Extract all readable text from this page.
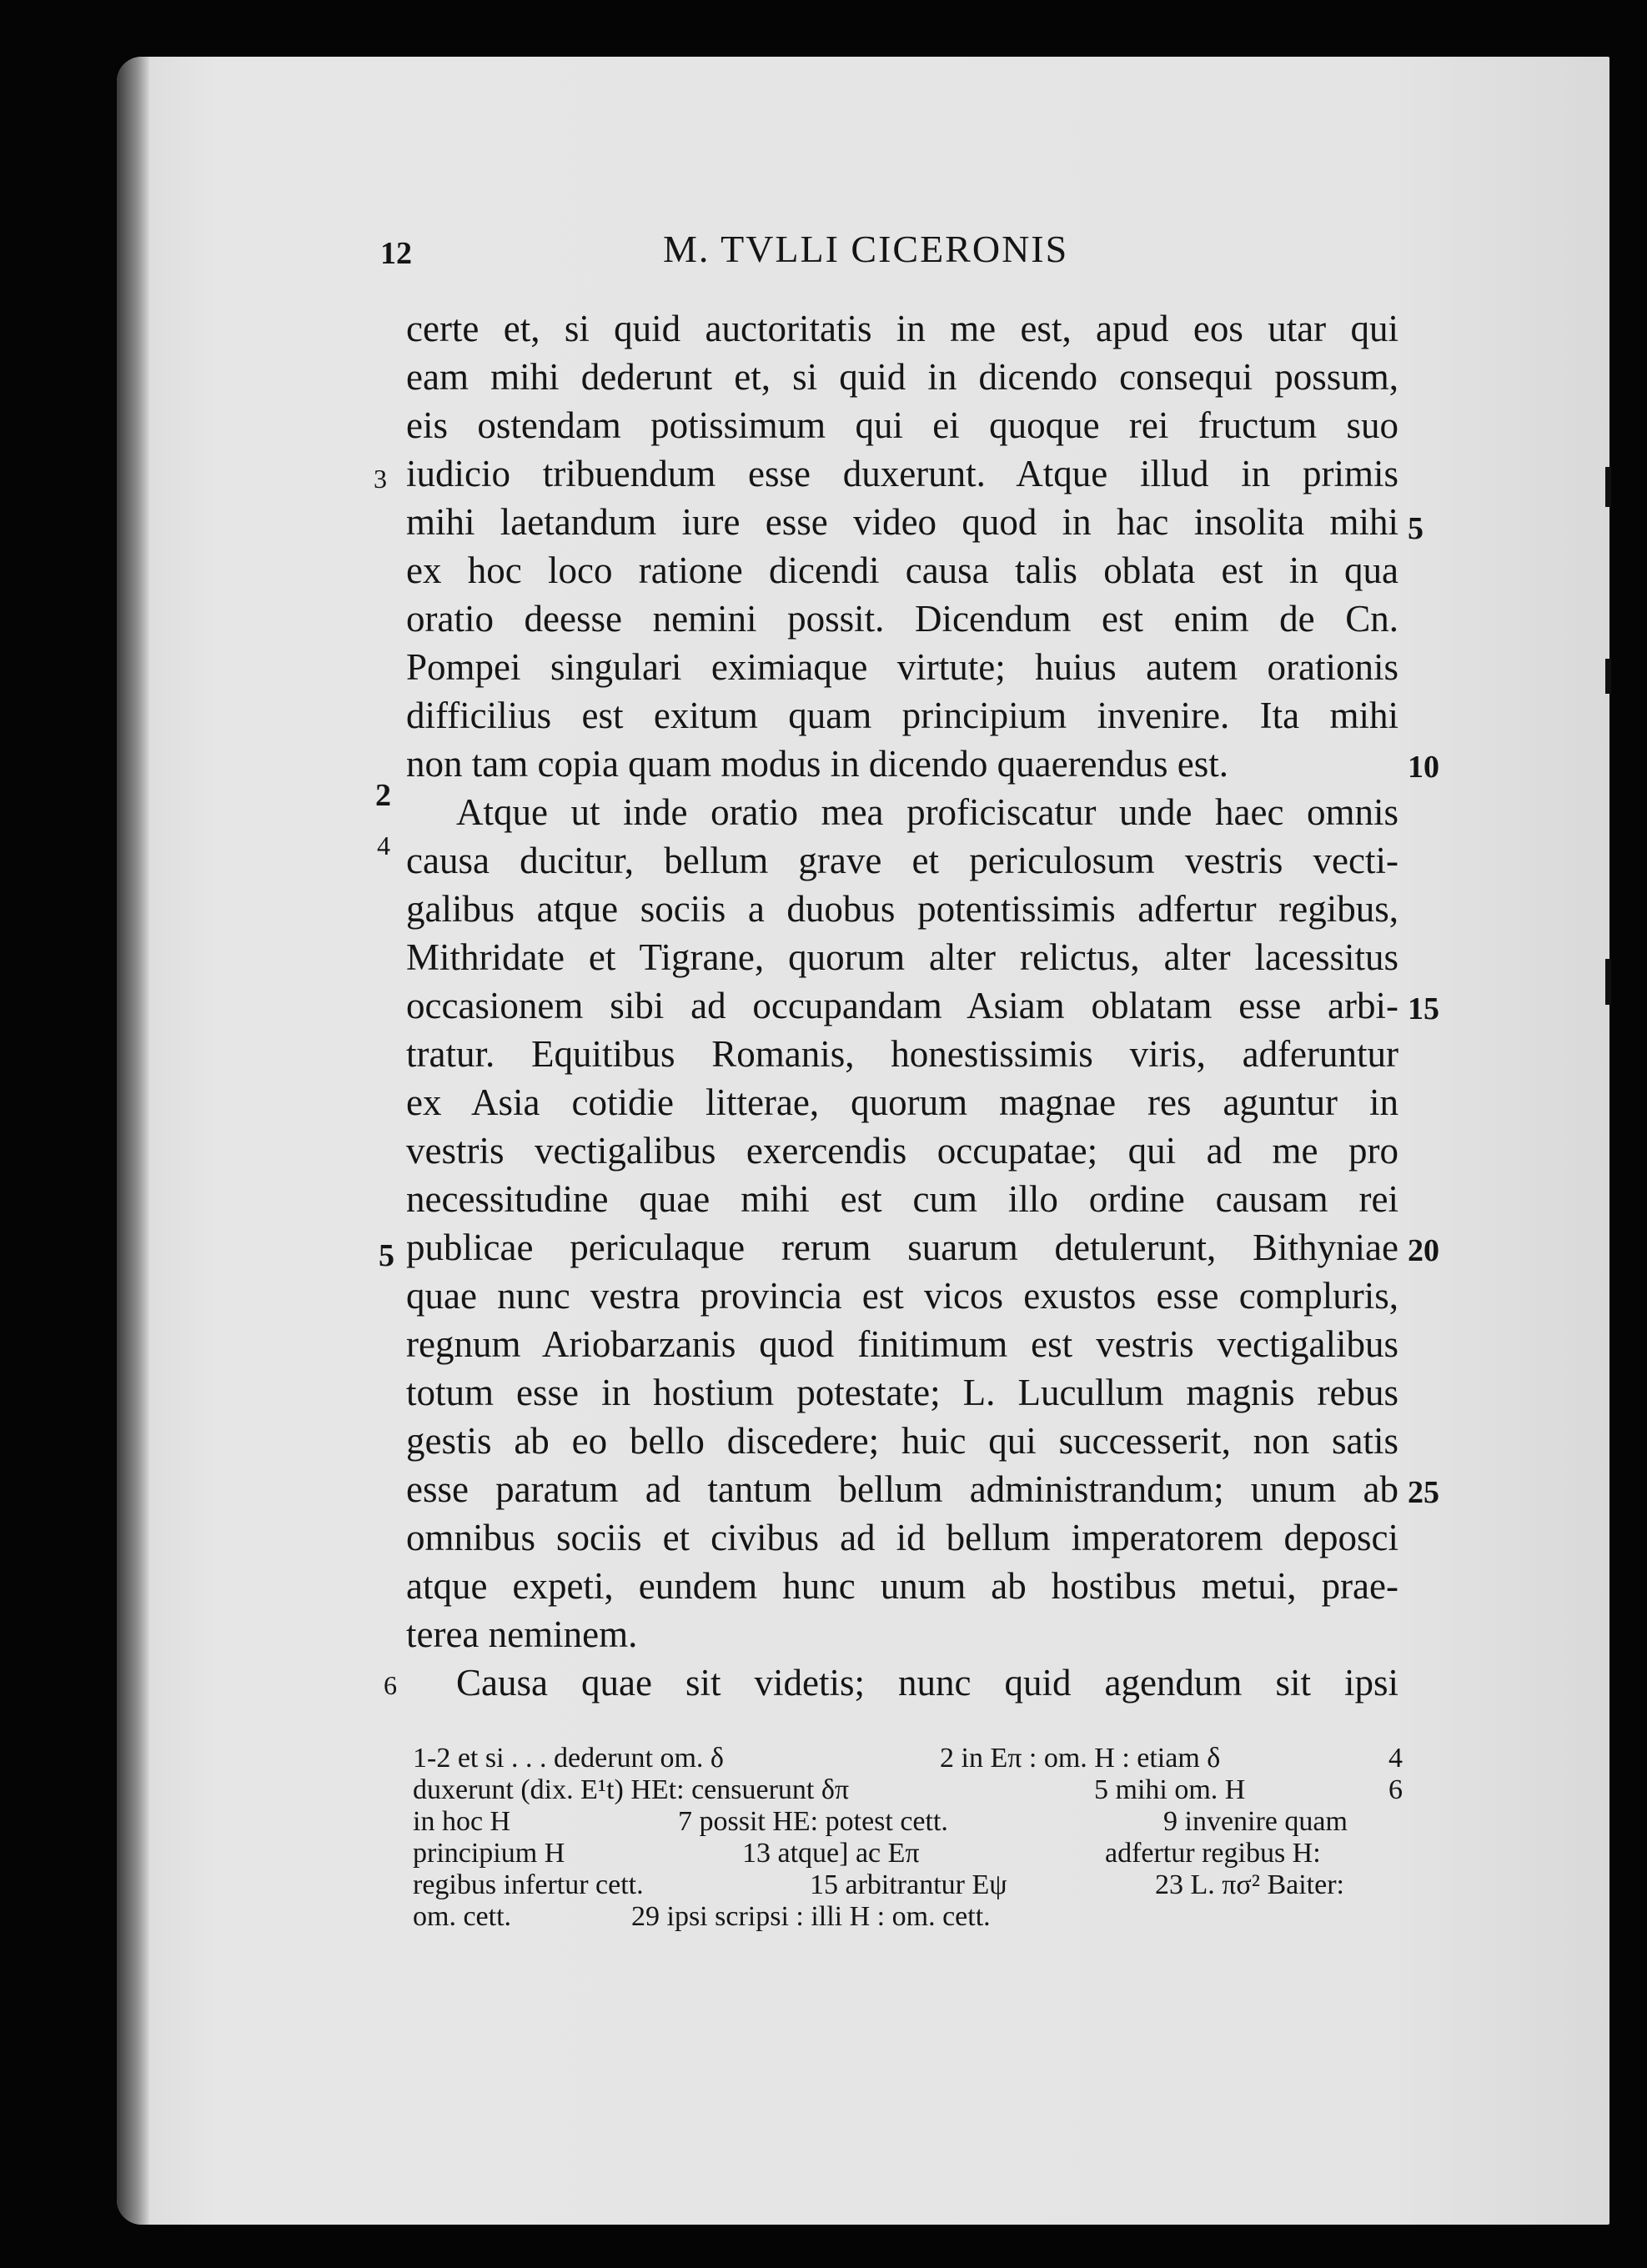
12	M. TVLLI CICERONIS
certe et, si quid auctoritatis in me est, apud eos utar qui
eam mihi dederunt et, si quid in dicendo consequi possum,
eis ostendam potissimum qui ei quoque rei fructum suo
iudicio tribuendum esse duxerunt. Atque illud in primis
mihi laetandum iure esse video quod in hac insolita mihi
ex hoc loco ratione dicendi causa talis oblata est in qua
oratio deesse nemini possit. Dicendum est enim de Cn.
Pompei singulari eximiaque virtute; huius autem orationis
difficilius est exitum quam principium invenire. Ita mihi
non tam copia quam modus in dicendo quaerendus est.
Atque ut inde oratio mea proficiscatur unde haec omnis
causa ducitur, bellum grave et periculosum vestris vecti-
galibus atque sociis a duobus potentissimis adfertur regibus,
Mithridate et Tigrane, quorum alter relictus, alter lacessitus
occasionem sibi ad occupandam Asiam oblatam esse arbi-
tratur. Equitibus Romanis, honestissimis viris, adferuntur
ex Asia cotidie litterae, quorum magnae res aguntur in
vestris vectigalibus exercendis occupatae; qui ad me pro
necessitudine quae mihi est cum illo ordine causam rei
publicae periculaque rerum suarum detulerunt, Bithyniae
quae nunc vestra provincia est vicos exustos esse compluris,
regnum Ariobarzanis quod finitimum est vestris vectigalibus
totum esse in hostium potestate; L. Lucullum magnis rebus
gestis ab eo bello discedere; huic qui successerit, non satis
esse paratum ad tantum bellum administrandum; unum ab
omnibus sociis et civibus ad id bellum imperatorem deposci
atque expeti, eundem hunc unum ab hostibus metui, prae-
terea neminem.
Causa quae sit videtis; nunc quid agendum sit ipsi
3
2
4
5
6
5
10
15
20
25
1-2 et si . . . dederunt om. δ	2 in Eπ : om. H : etiam δ	4
duxerunt (dix. E¹t) HEt: censuerunt δπ	5 mihi om. H	6
in hoc H	7 possit HE: potest cett.	9 invenire quam
principium H	13 atque] ac Eπ	adfertur regibus H:
regibus infertur cett.	15 arbitrantur Eψ	23 L. πσ² Baiter:
om. cett.	29 ipsi scripsi : illi H : om. cett.
